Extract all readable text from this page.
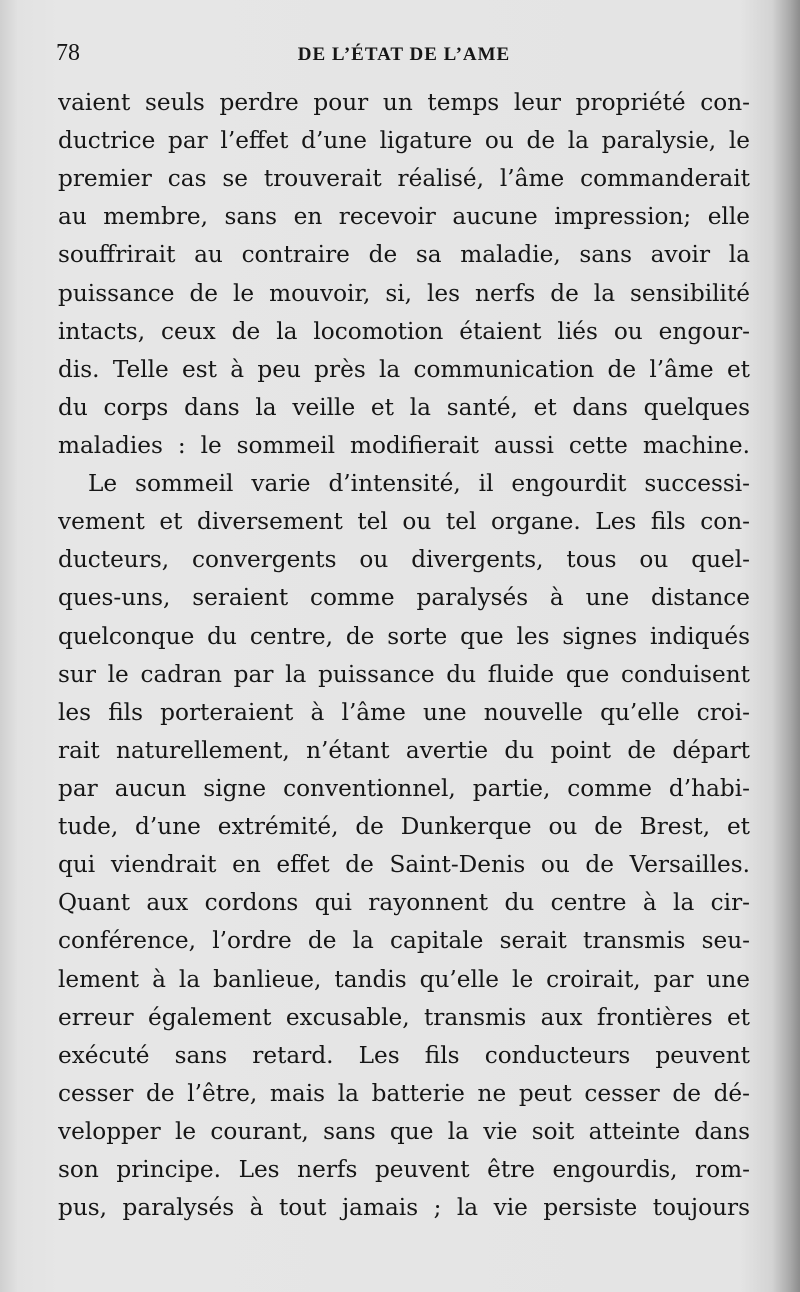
78	DE L’ÉTAT DE L’AME
vaient seuls perdre pour un temps leur propriété con-
ductrice par l’effet d’une ligature ou de la paralysie, le
premier cas se trouverait réalisé, l’âme commanderait
au membre, sans en recevoir aucune impression; elle
souffrirait au contraire de sa maladie, sans avoir la
puissance de le mouvoir, si, les nerfs de la sensibilité
intacts, ceux de la locomotion étaient liés ou engour-
dis. Telle est à peu près la communication de l’âme et
du corps dans la veille et la santé, et dans quelques
maladies : le sommeil modifierait aussi cette machine.
Le sommeil varie d’intensité, il engourdit successi-
vement et diversement tel ou tel organe. Les fils con-
ducteurs, convergents ou divergents, tous ou quel-
ques-uns, seraient comme paralysés à une distance
quelconque du centre, de sorte que les signes indiqués
sur le cadran par la puissance du fluide que conduisent
les fils porteraient à l’âme une nouvelle qu’elle croi-
rait naturellement, n’étant avertie du point de départ
par aucun signe conventionnel, partie, comme d’habi-
tude, d’une extrémité, de Dunkerque ou de Brest, et
qui viendrait en effet de Saint-Denis ou de Versailles.
Quant aux cordons qui rayonnent du centre à la cir-
conférence, l’ordre de la capitale serait transmis seu-
lement à la banlieue, tandis qu’elle le croirait, par une
erreur également excusable, transmis aux frontières et
exécuté sans retard. Les fils conducteurs peuvent
cesser de l’être, mais la batterie ne peut cesser de dé-
velopper le courant, sans que la vie soit atteinte dans
son principe. Les nerfs peuvent être engourdis, rom-
pus, paralysés à tout jamais ; la vie persiste toujours
